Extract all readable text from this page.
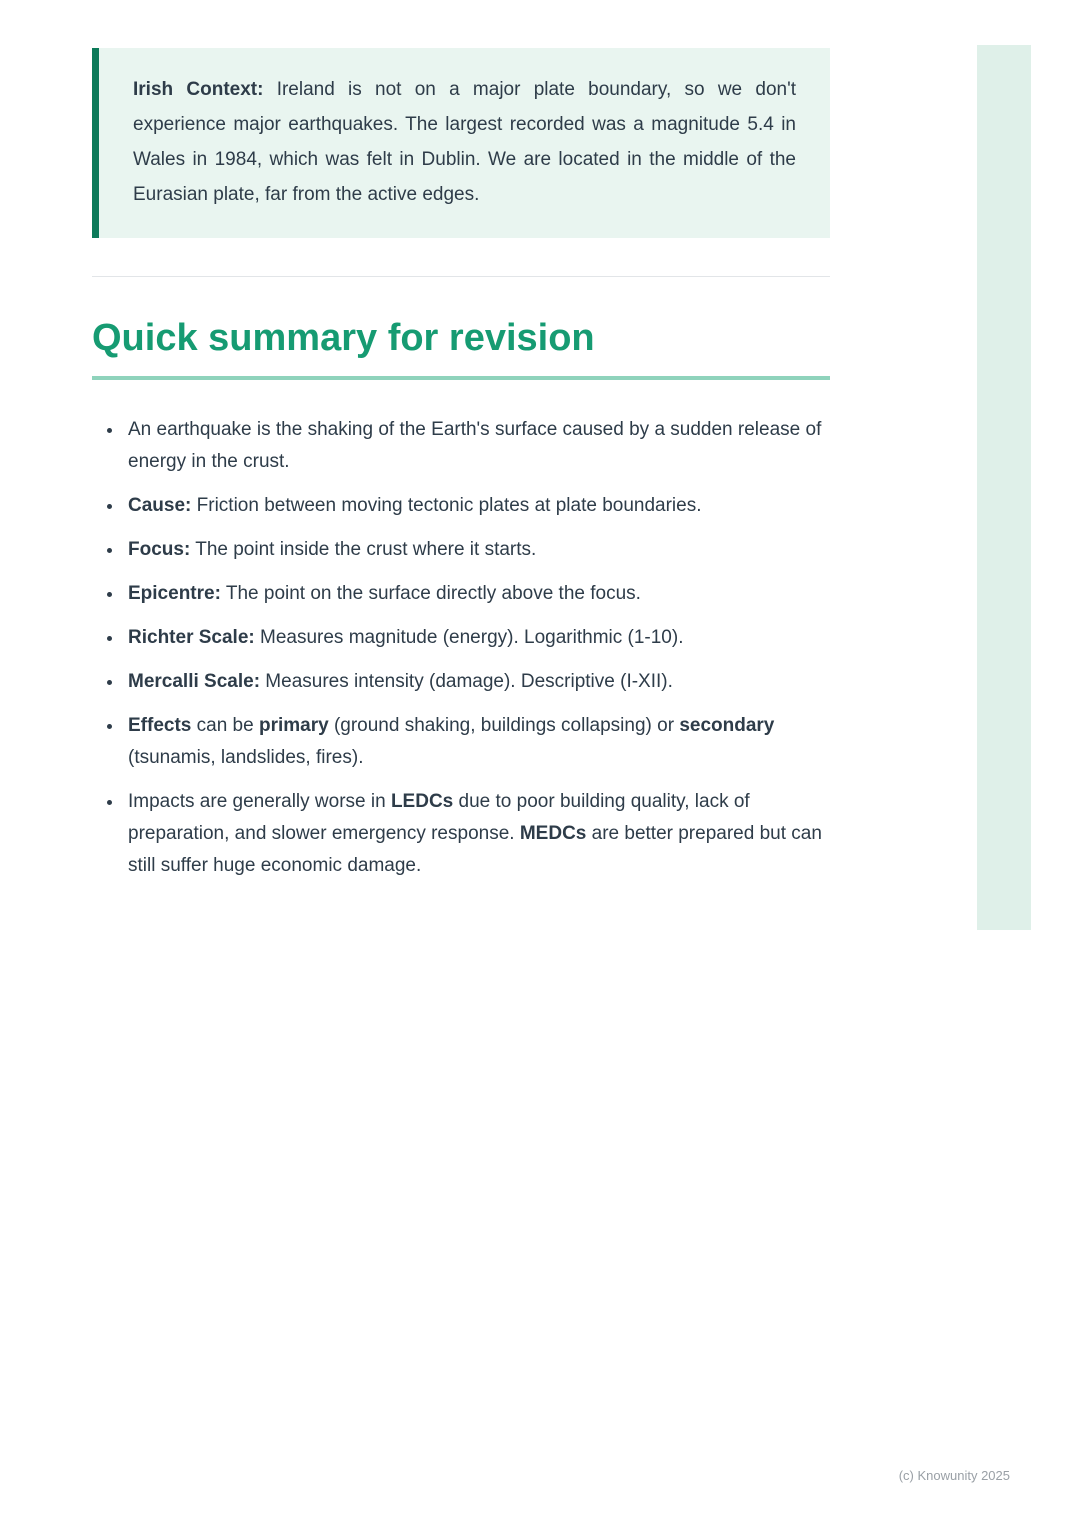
Irish Context: Ireland is not on a major plate boundary, so we don't experience major earthquakes. The largest recorded was a magnitude 5.4 in Wales in 1984, which was felt in Dublin. We are located in the middle of the Eurasian plate, far from the active edges.

Quick summary for revision
• An earthquake is the shaking of the Earth's surface caused by a sudden release of energy in the crust.
• Cause: Friction between moving tectonic plates at plate boundaries.
• Focus: The point inside the crust where it starts.
• Epicentre: The point on the surface directly above the focus.
• Richter Scale: Measures magnitude (energy). Logarithmic (1-10).
• Mercalli Scale: Measures intensity (damage). Descriptive (I-XII).
• Effects can be primary (ground shaking, buildings collapsing) or secondary (tsunamis, landslides, fires).
• Impacts are generally worse in LEDCs due to poor building quality, lack of preparation, and slower emergency response. MEDCs are better prepared but can still suffer huge economic damage.
(c) Knowunity 2025
